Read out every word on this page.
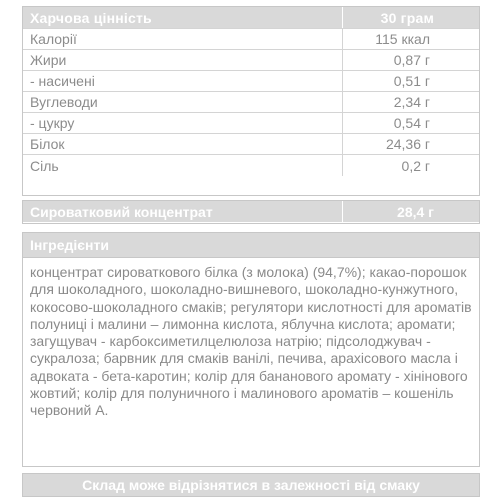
Харчова цінність	30 грам
Калорії	115 ккал
Жири	0,87 г
- насичені	0,51 г
Вуглеводи	2,34 г
- цукру	0,54 г
Білок	24,36 г
Сіль	0,2 г
Сироватковий концентрат	28,4 г
Інгредієнти
концентрат сироваткового білка (з молока) (94,7%); какао-порошок для шоколадного, шоколадно-вишневого, шоколадно-кунжутного, кокосово-шоколадного смаків; регулятори кислотності для ароматів полуниці і малини – лимонна кислота, яблучна кислота; аромати; загущувач - карбоксиметилцелюлоза натрію; підсолоджувач - сукралоза; барвник для смаків ванілі, печива, арахісового масла і адвоката - бета-каротин; колір для бананового аромату - хінінового жовтий; колір для полуничного і малинового ароматів – кошеніль червоний А.
Склад може відрізнятися в залежності від смаку
